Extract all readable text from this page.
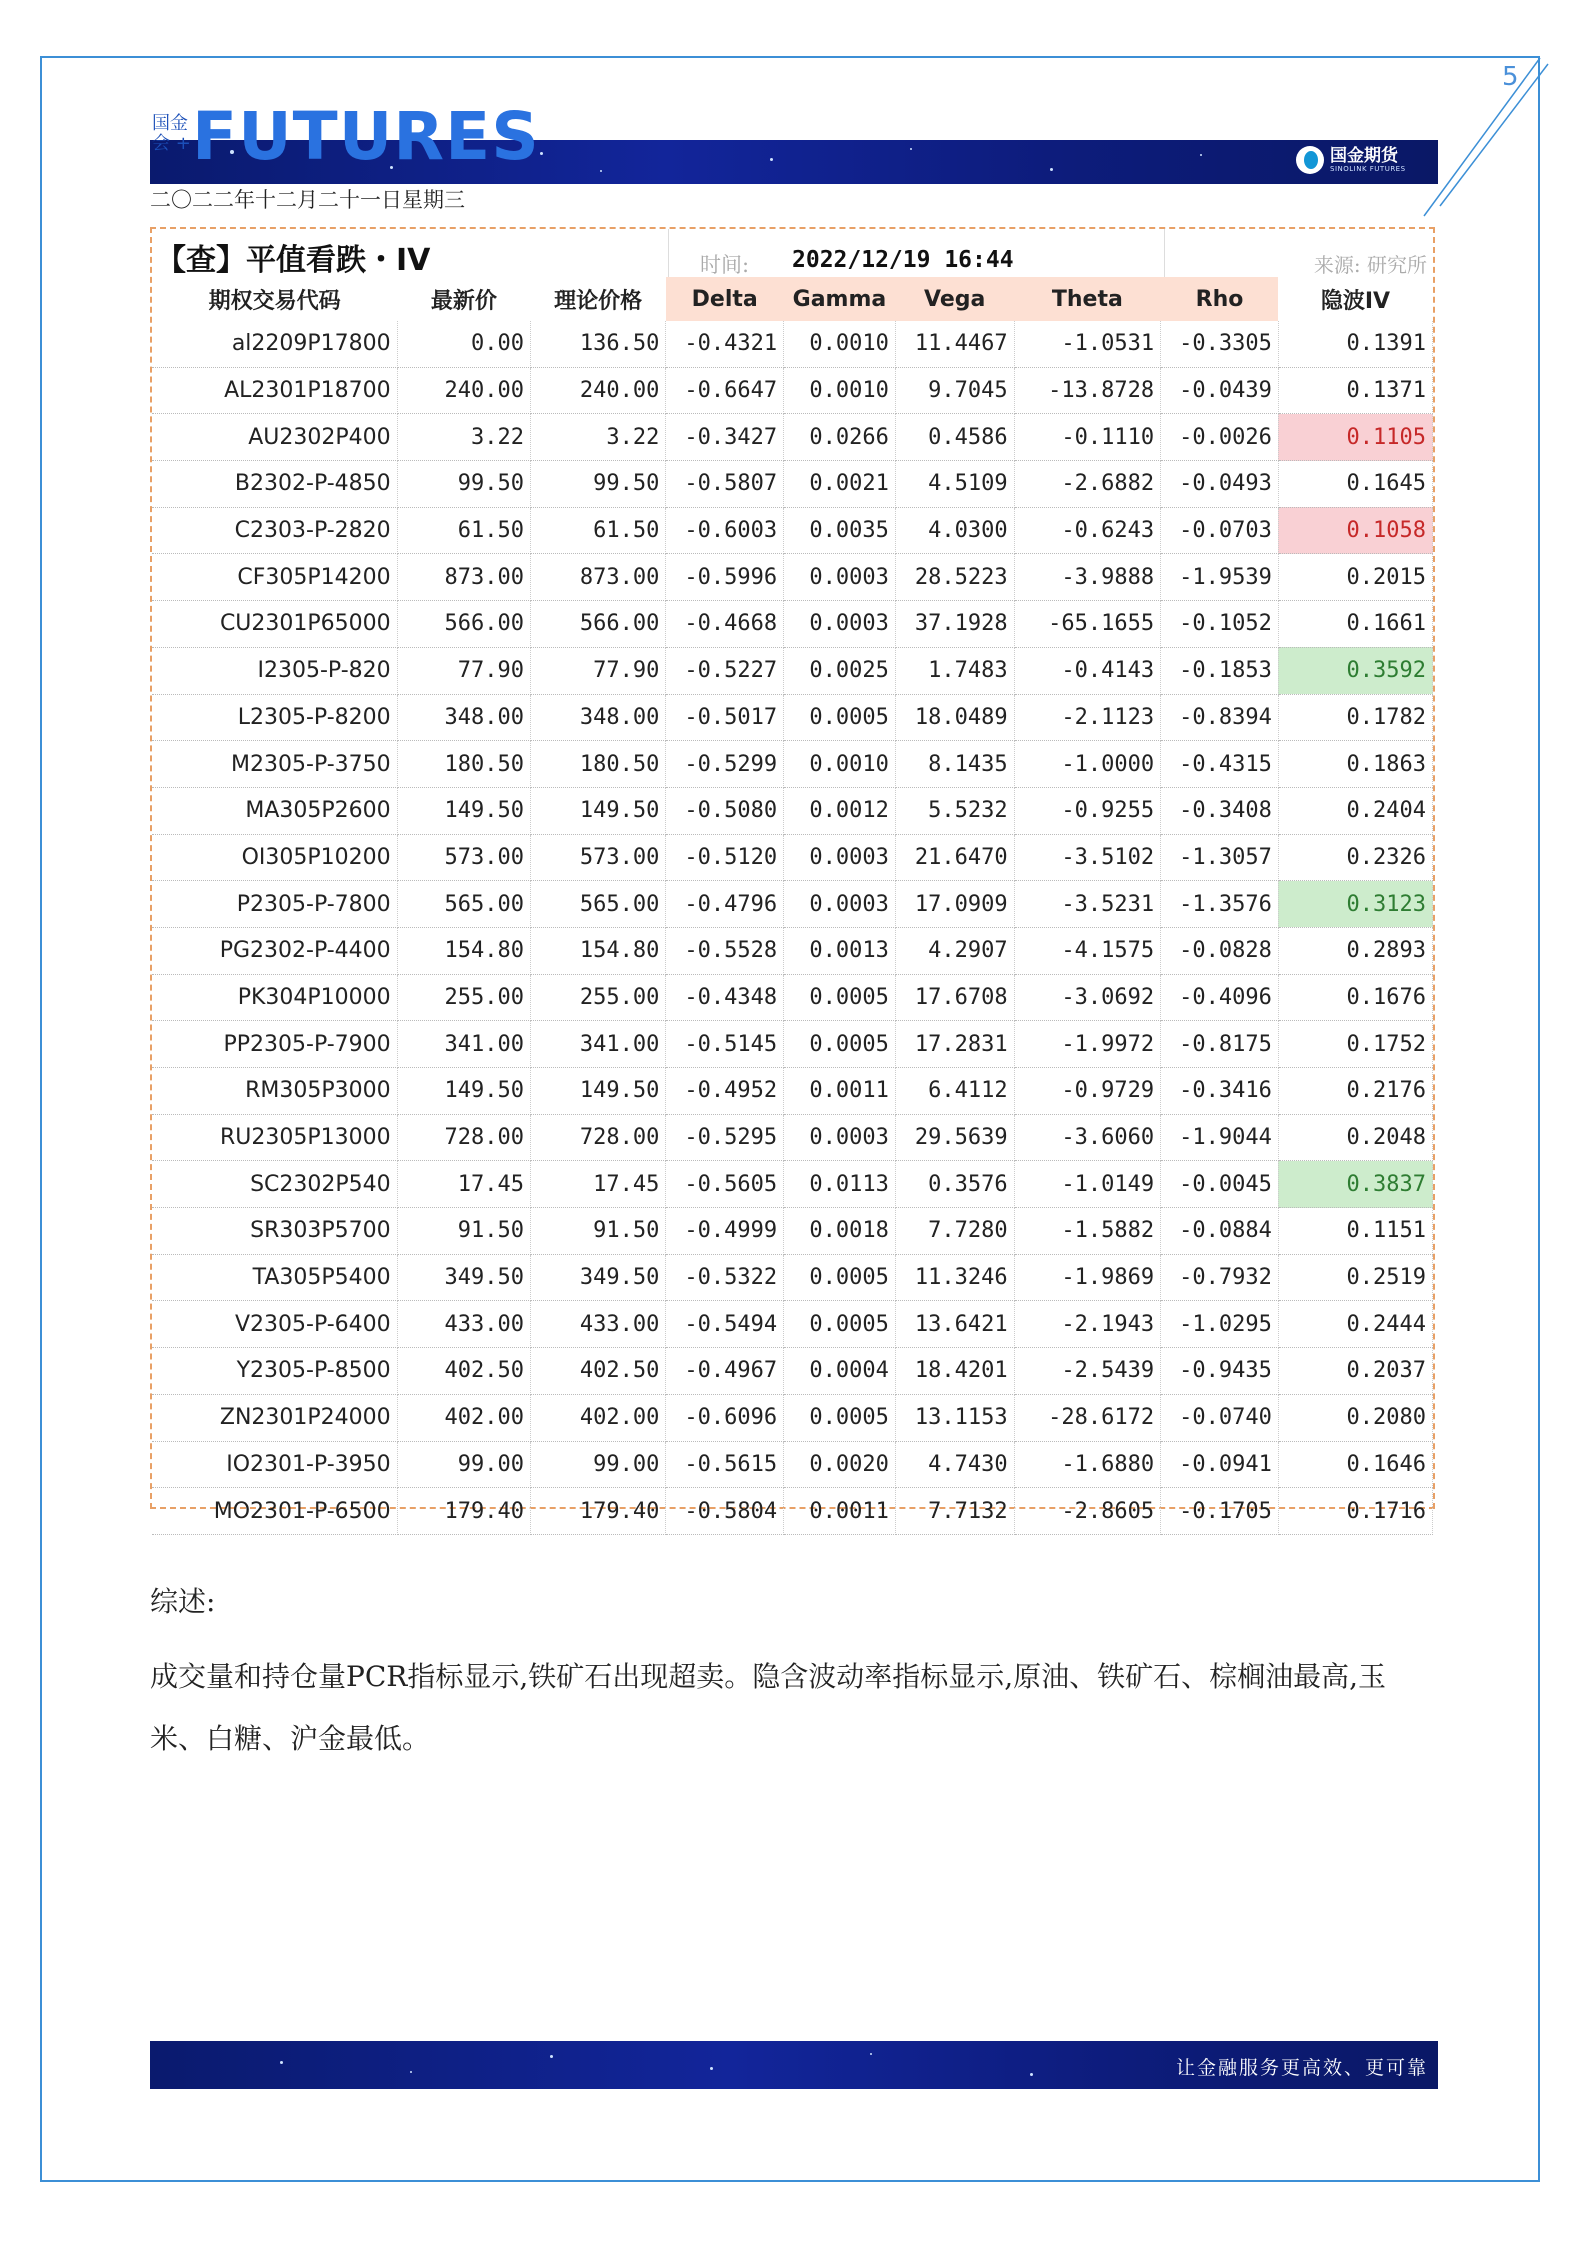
5
国金
会 + FUTURES	国金期货
SINOLINK FUTURES
二〇二二年十二月二十一日星期三
【查】平值看跌・IV	时间: 2022/12/19 16:44	来源: 研究所
期权交易代码	最新价	理论价格	Delta	Gamma	Vega	Theta	Rho	隐波IV
al2209P17800	0.00	136.50	-0.4321	0.0010	11.4467	-1.0531	-0.3305	0.1391
AL2301P18700	240.00	240.00	-0.6647	0.0010	9.7045	-13.8728	-0.0439	0.1371
AU2302P400	3.22	3.22	-0.3427	0.0266	0.4586	-0.1110	-0.0026	0.1105
B2302-P-4850	99.50	99.50	-0.5807	0.0021	4.5109	-2.6882	-0.0493	0.1645
C2303-P-2820	61.50	61.50	-0.6003	0.0035	4.0300	-0.6243	-0.0703	0.1058
CF305P14200	873.00	873.00	-0.5996	0.0003	28.5223	-3.9888	-1.9539	0.2015
CU2301P65000	566.00	566.00	-0.4668	0.0003	37.1928	-65.1655	-0.1052	0.1661
I2305-P-820	77.90	77.90	-0.5227	0.0025	1.7483	-0.4143	-0.1853	0.3592
L2305-P-8200	348.00	348.00	-0.5017	0.0005	18.0489	-2.1123	-0.8394	0.1782
M2305-P-3750	180.50	180.50	-0.5299	0.0010	8.1435	-1.0000	-0.4315	0.1863
MA305P2600	149.50	149.50	-0.5080	0.0012	5.5232	-0.9255	-0.3408	0.2404
OI305P10200	573.00	573.00	-0.5120	0.0003	21.6470	-3.5102	-1.3057	0.2326
P2305-P-7800	565.00	565.00	-0.4796	0.0003	17.0909	-3.5231	-1.3576	0.3123
PG2302-P-4400	154.80	154.80	-0.5528	0.0013	4.2907	-4.1575	-0.0828	0.2893
PK304P10000	255.00	255.00	-0.4348	0.0005	17.6708	-3.0692	-0.4096	0.1676
PP2305-P-7900	341.00	341.00	-0.5145	0.0005	17.2831	-1.9972	-0.8175	0.1752
RM305P3000	149.50	149.50	-0.4952	0.0011	6.4112	-0.9729	-0.3416	0.2176
RU2305P13000	728.00	728.00	-0.5295	0.0003	29.5639	-3.6060	-1.9044	0.2048
SC2302P540	17.45	17.45	-0.5605	0.0113	0.3576	-1.0149	-0.0045	0.3837
SR303P5700	91.50	91.50	-0.4999	0.0018	7.7280	-1.5882	-0.0884	0.1151
TA305P5400	349.50	349.50	-0.5322	0.0005	11.3246	-1.9869	-0.7932	0.2519
V2305-P-6400	433.00	433.00	-0.5494	0.0005	13.6421	-2.1943	-1.0295	0.2444
Y2305-P-8500	402.50	402.50	-0.4967	0.0004	18.4201	-2.5439	-0.9435	0.2037
ZN2301P24000	402.00	402.00	-0.6096	0.0005	13.1153	-28.6172	-0.0740	0.2080
IO2301-P-3950	99.00	99.00	-0.5615	0.0020	4.7430	-1.6880	-0.0941	0.1646
MO2301-P-6500	179.40	179.40	-0.5804	0.0011	7.7132	-2.8605	-0.1705	0.1716
综述:
成交量和持仓量PCR指标显示,铁矿石出现超卖。隐含波动率指标显示,原油、铁矿石、棕榈油最高,玉米、白糖、沪金最低。
让金融服务更高效、更可靠
